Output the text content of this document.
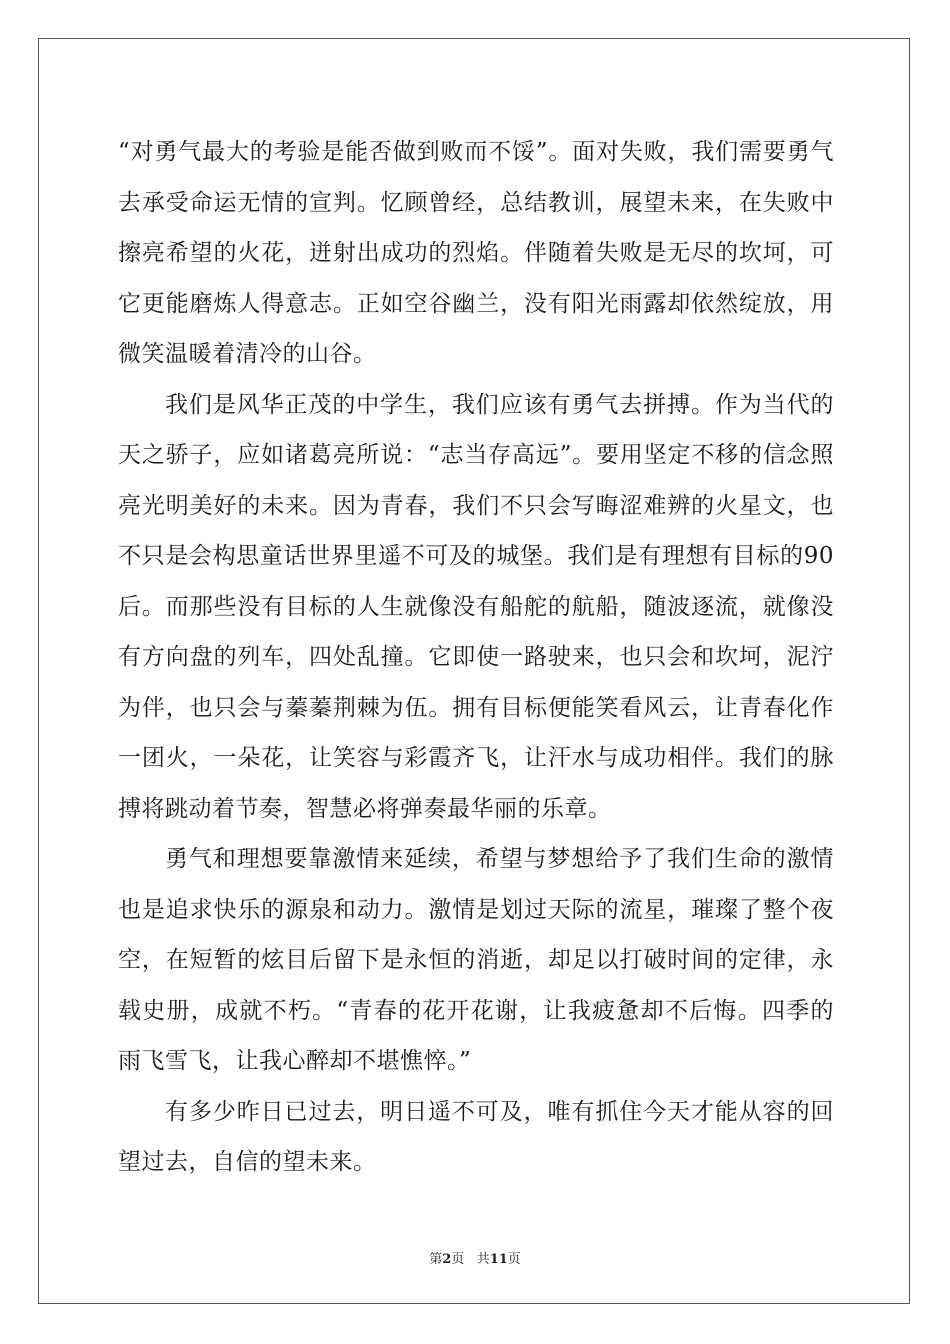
“对勇气最大的考验是能否做到败而不馁”。面对失败，我们需要勇气去承受命运无情的宣判。忆顾曾经，总结教训，展望未来，在失败中擦亮希望的火花，迸射出成功的烈焰。伴随着失败是无尽的坎坷，可它更能磨炼人得意志。正如空谷幽兰，没有阳光雨露却依然绽放，用微笑温暖着清冷的山谷。

我们是风华正茂的中学生，我们应该有勇气去拼搏。作为当代的天之骄子，应如诸葛亮所说：“志当存高远”。要用坚定不移的信念照亮光明美好的未来。因为青春，我们不只会写晦涩难辨的火星文，也不只是会构思童话世界里遥不可及的城堡。我们是有理想有目标的90后。而那些没有目标的人生就像没有船舵的航船，随波逐流，就像没有方向盘的列车，四处乱撞。它即使一路驶来，也只会和坎坷，泥泞为伴，也只会与蓁蓁荆棘为伍。拥有目标便能笑看风云，让青春化作一团火，一朵花，让笑容与彩霞齐飞，让汗水与成功相伴。我们的脉搏将跳动着节奏，智慧必将弹奏最华丽的乐章。

勇气和理想要靠激情来延续，希望与梦想给予了我们生命的激情也是追求快乐的源泉和动力。激情是划过天际的流星，璀璨了整个夜空，在短暂的炫目后留下是永恒的消逝，却足以打破时间的定律，永载史册，成就不朽。“青春的花开花谢，让我疲惫却不后悔。四季的雨飞雪飞，让我心醉却不堪憔悴。”

有多少昨日已过去，明日遥不可及，唯有抓住今天才能从容的回望过去，自信的望未来。

第2页 共11页
